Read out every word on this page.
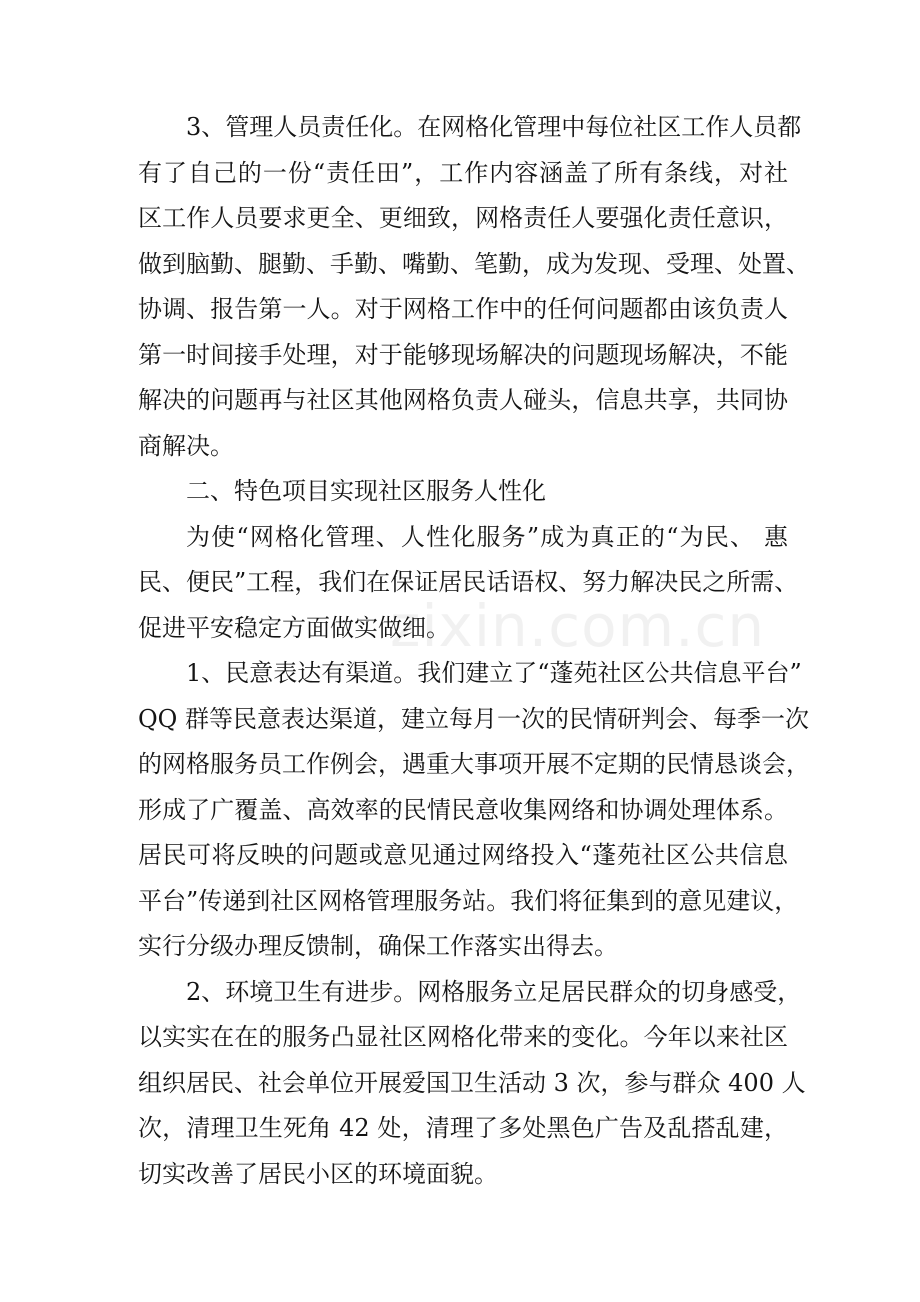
3、管理人员责任化。在网格化管理中每位社区工作人员都
有了自己的一份“责任田”，工作内容涵盖了所有条线，对社
区工作人员要求更全、更细致，网格责任人要强化责任意识，
做到脑勤、腿勤、手勤、嘴勤、笔勤，成为发现、受理、处置、
协调、报告第一人。对于网格工作中的任何问题都由该负责人
第一时间接手处理，对于能够现场解决的问题现场解决，不能
解决的问题再与社区其他网格负责人碰头，信息共享，共同协
商解决。
二、特色项目实现社区服务人性化
为使“网格化管理、人性化服务”成为真正的“为民、 惠
民、便民”工程，我们在保证居民话语权、努力解决民之所需、
促进平安稳定方面做实做细。
1、民意表达有渠道。我们建立了“蓬苑社区公共信息平台”
QQ 群等民意表达渠道，建立每月一次的民情研判会、每季一次
的网格服务员工作例会，遇重大事项开展不定期的民情恳谈会，
形成了广覆盖、高效率的民情民意收集网络和协调处理体系。
居民可将反映的问题或意见通过网络投入“蓬苑社区公共信息
平台”传递到社区网格管理服务站。我们将征集到的意见建议，
实行分级办理反馈制，确保工作落实出得去。
2、环境卫生有进步。网格服务立足居民群众的切身感受，
以实实在在的服务凸显社区网格化带来的变化。今年以来社区
组织居民、社会单位开展爱国卫生活动 3 次，参与群众 400 人
次，清理卫生死角 42 处，清理了多处黑色广告及乱搭乱建，
切实改善了居民小区的环境面貌。
zixin.com.cn
